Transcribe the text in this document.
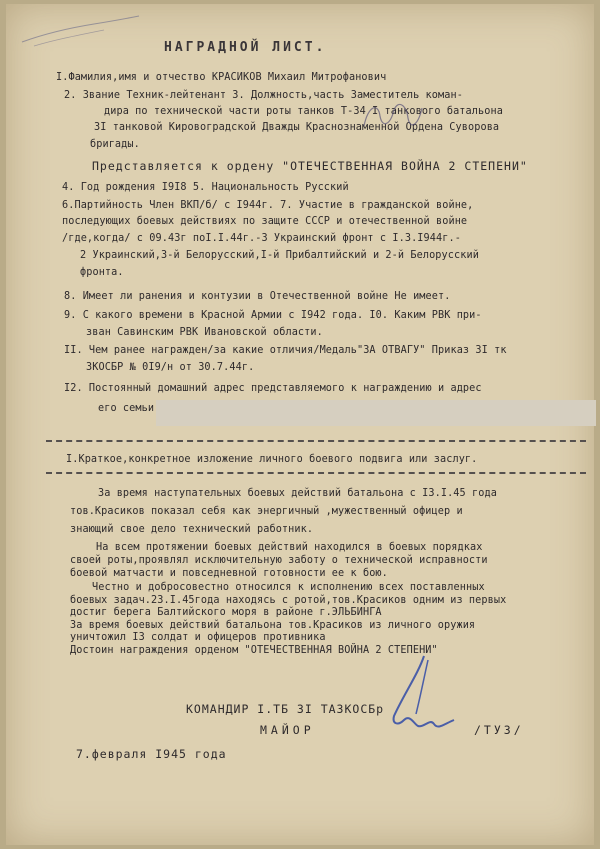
НАГРАДНОЙ ЛИСТ.
I.Фамилия,имя и отчество КРАСИКОВ Михаил Митрофанович
2. Звание Техник-лейтенант 3. Должность,часть Заместитель коман-
дира по технической части роты танков Т-34 I танкового батальона
3I танковой Кировоградской Дважды Краснознаменной Ордена Суворова
бригады.
Представляется к ордену "ОТЕЧЕСТВЕННАЯ ВОЙНА 2 СТЕПЕНИ"
4. Год рождения I9I8 5. Национальность Русский
6.Партийность Член ВКП/б/ с I944г. 7. Участие в гражданской войне,
последующих боевых действиях по защите СССР и отечественной войне
/где,когда/ с 09.43г поI.I.44г.-3 Украинский фронт с I.3.I944г.-
2 Украинский,3-й Белорусский,I-й Прибалтийский и 2-й Белорусский
фронта.
8. Имеет ли ранения и контузии в Отечественной войне Не имеет.
9. С какого времени в Красной Армии с I942 года. I0. Каким РВК при-
зван Савинским РВК Ивановской области.
II. Чем ранее награжден/за какие отличия/Медаль"ЗА ОТВАГУ" Приказ 3I тк
ЗКОСБР № 0I9/н от 30.7.44г.
I2. Постоянный домашний адрес представляемого к награждению и адрес
его семьи
I.Краткое,конкретное изложение личного боевого подвига или заслуг.
За время наступательных боевых действий батальона с I3.I.45 года
тов.Красиков показал себя как энергичный ,мужественный офицер и
знающий свое дело технический работник.
На всем протяжении боевых действий находился в боевых порядках
своей роты,проявлял исключительную заботу о технической исправности
боевой матчасти и повседневной готовности ее к бою.
Честно и добросовестно относился к исполнению всех поставленных
боевых задач.23.I.45года находясь с ротой,тов.Красиков одним из первых
достиг берега Балтийского моря в районе г.ЭЛЬБИНГА
За время боевых действий батальона тов.Красиков из личного оружия
уничтожил I3 солдат и офицеров противника
Достоин награждения орденом "ОТЕЧЕСТВЕННАЯ ВОЙНА 2 СТЕПЕНИ"
КОМАНДИР I.ТБ 3I ТАЗКОСБр
МАЙОР	/ТУЗ/
7.февраля I945 года
